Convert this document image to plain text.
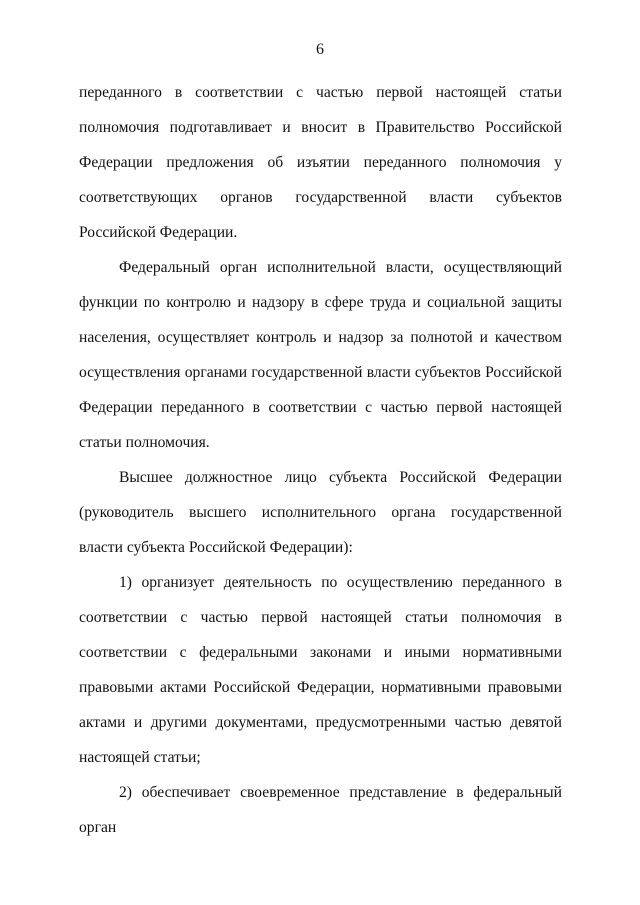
6

переданного в соответствии с частью первой настоящей статьи полномочия подготавливает и вносит в Правительство Российской Федерации предложения об изъятии переданного полномочия у соответствующих органов государственной власти субъектов Российской Федерации.

Федеральный орган исполнительной власти, осуществляющий функции по контролю и надзору в сфере труда и социальной защиты населения, осуществляет контроль и надзор за полнотой и качеством осуществления органами государственной власти субъектов Российской Федерации переданного в соответствии с частью первой настоящей статьи полномочия.

Высшее должностное лицо субъекта Российской Федерации (руководитель высшего исполнительного органа государственной власти субъекта Российской Федерации):

1) организует деятельность по осуществлению переданного в соответствии с частью первой настоящей статьи полномочия в соответствии с федеральными законами и иными нормативными правовыми актами Российской Федерации, нормативными правовыми актами и другими документами, предусмотренными частью девятой настоящей статьи;

2) обеспечивает своевременное представление в федеральный орган
